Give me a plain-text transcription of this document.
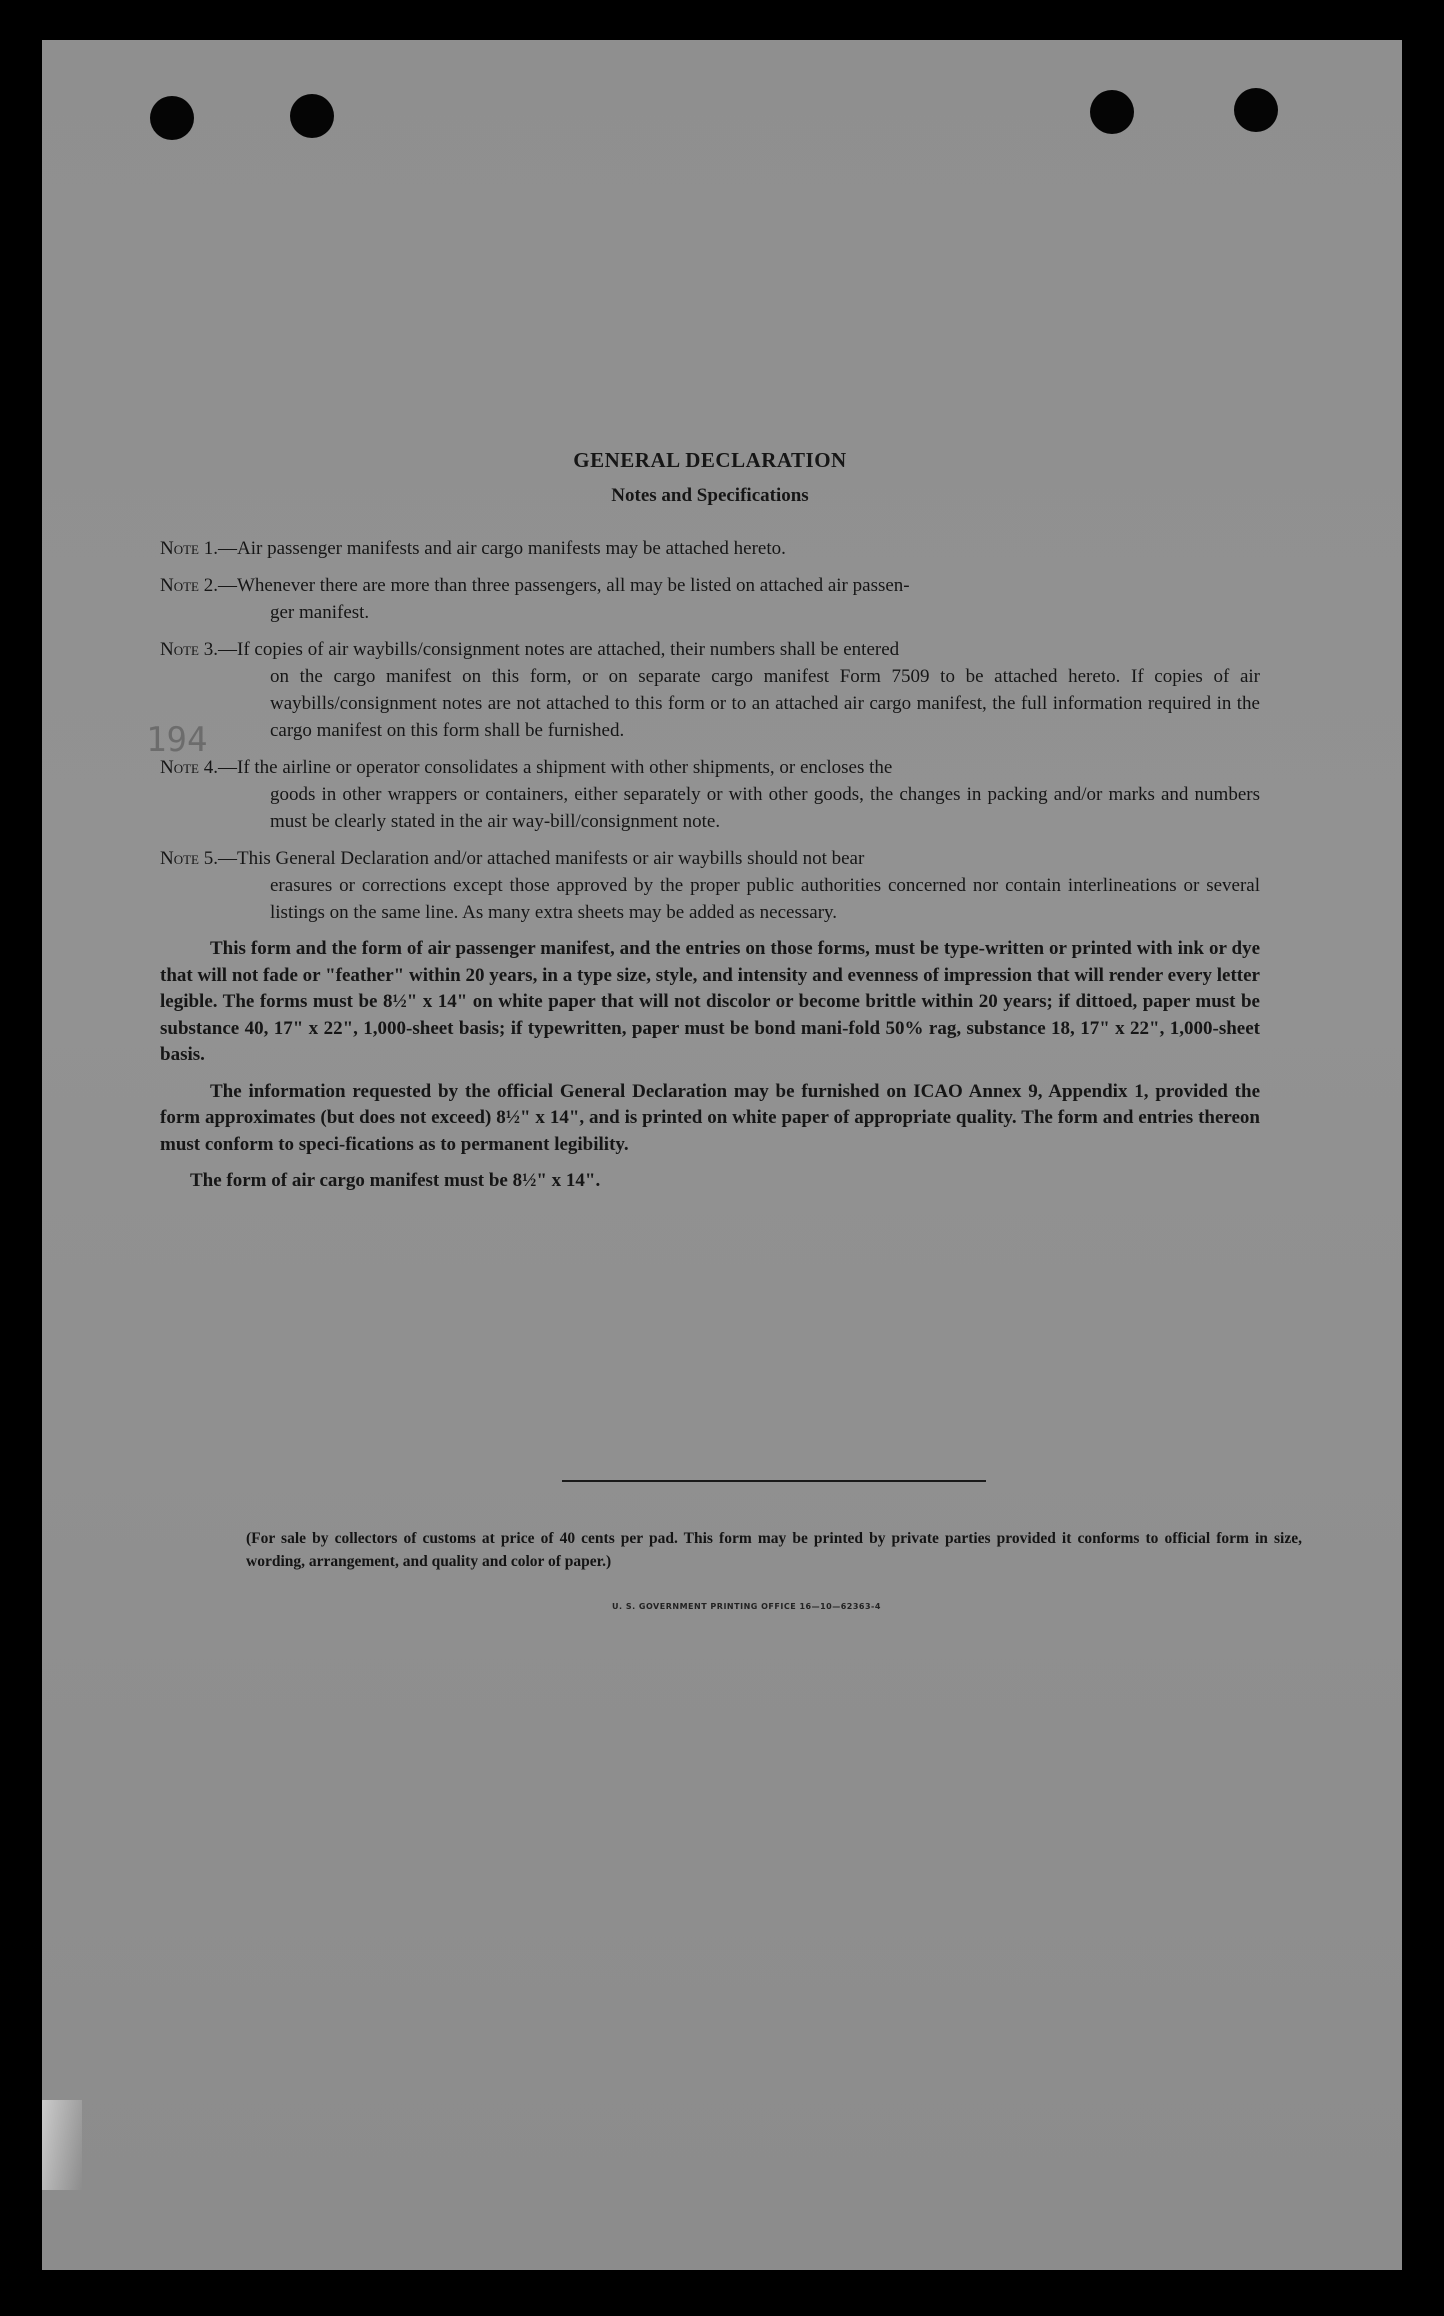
194
U. S. GOVERNMENT PRINTING OFFICE 16—10—62363-4
(For sale by collectors of customs at price of 40 cents per pad. This form may be printed by private parties provided it conforms to official form in size, wording, arrangement, and quality and color of paper.)
GENERAL DECLARATION
Notes and Specifications
Note 1.—Air passenger manifests and air cargo manifests may be attached hereto.
Note 2.—Whenever there are more than three passengers, all may be listed on attached air passen-
ger manifest.
Note 3.—If copies of air waybills/consignment notes are attached, their numbers shall be entered
on the cargo manifest on this form, or on separate cargo manifest Form 7509 to be attached hereto. If copies of air waybills/consignment notes are not attached to this form or to an attached air cargo manifest, the full information required in the cargo manifest on this form shall be furnished.
Note 4.—If the airline or operator consolidates a shipment with other shipments, or encloses the
goods in other wrappers or containers, either separately or with other goods, the changes in packing and/or marks and numbers must be clearly stated in the air way-bill/consignment note.
Note 5.—This General Declaration and/or attached manifests or air waybills should not bear
erasures or corrections except those approved by the proper public authorities concerned nor contain interlineations or several listings on the same line. As many extra sheets may be added as necessary.

This form and the form of air passenger manifest, and the entries on those forms, must be type-written or printed with ink or dye that will not fade or "feather" within 20 years, in a type size, style, and intensity and evenness of impression that will render every letter legible. The forms must be 8½" x 14" on white paper that will not discolor or become brittle within 20 years; if dittoed, paper must be substance 40, 17" x 22", 1,000-sheet basis; if typewritten, paper must be bond mani-fold 50% rag, substance 18, 17" x 22", 1,000-sheet basis.

The information requested by the official General Declaration may be furnished on ICAO Annex 9, Appendix 1, provided the form approximates (but does not exceed) 8½" x 14", and is printed on white paper of appropriate quality. The form and entries thereon must conform to speci-fications as to permanent legibility.

The form of air cargo manifest must be 8½" x 14".
